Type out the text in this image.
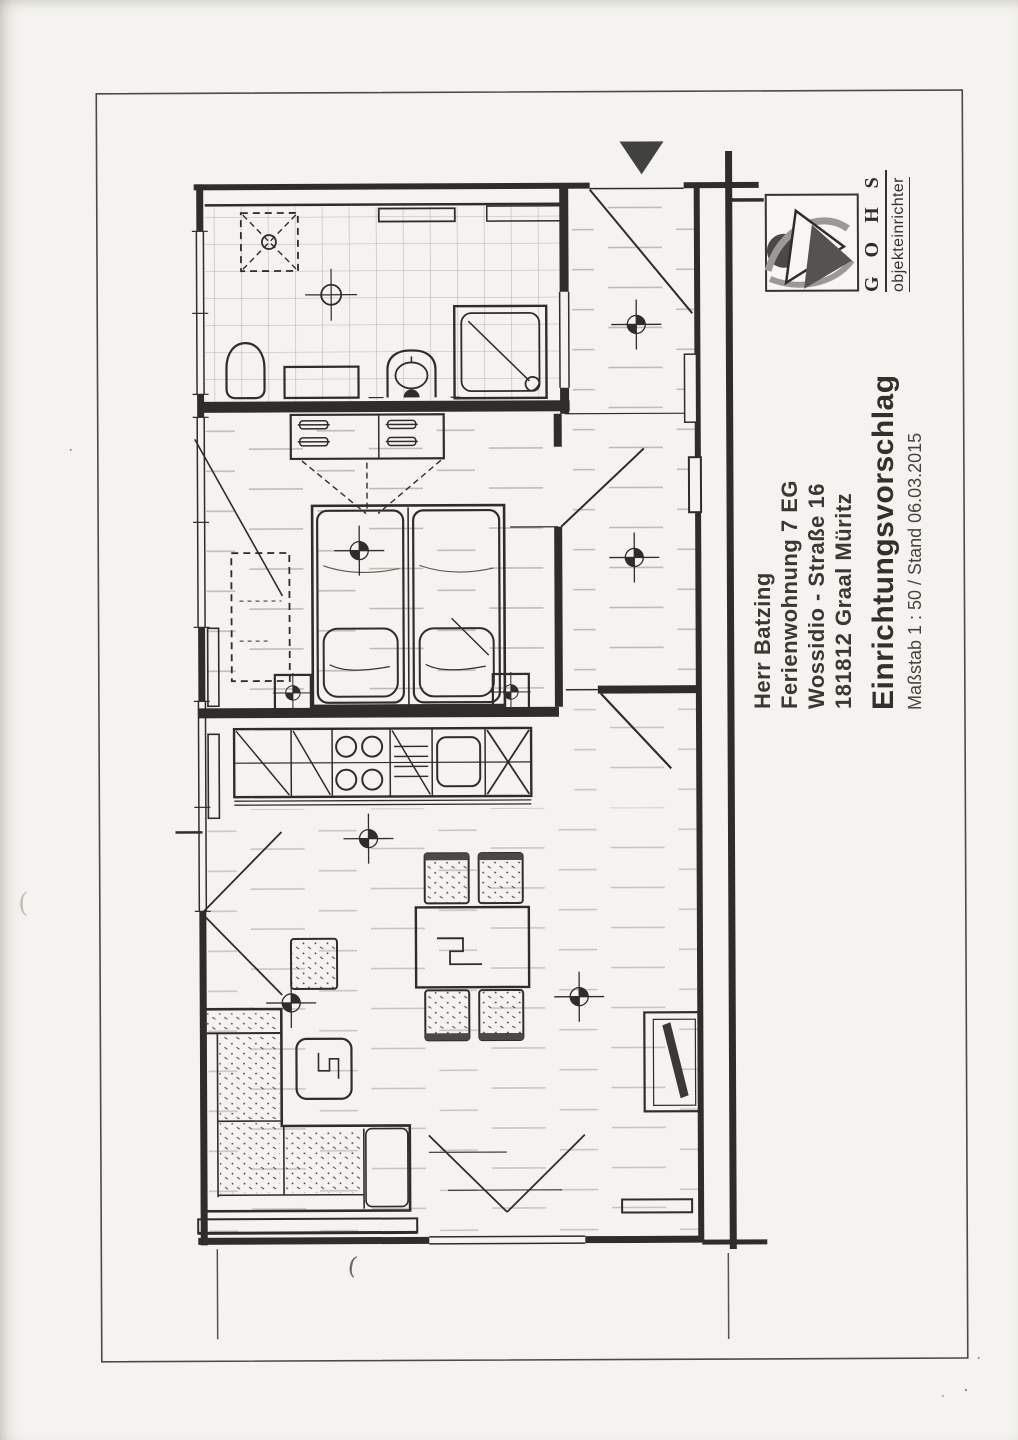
Herr Batzing Ferienwohnung 7 EG Wossidio - Straße 16 181812 Graal Müritz Einrichtungsvorschlag Maßstab 1 : 50 / Stand 06.03.2015
G O H S objekteinrichter
(
(
